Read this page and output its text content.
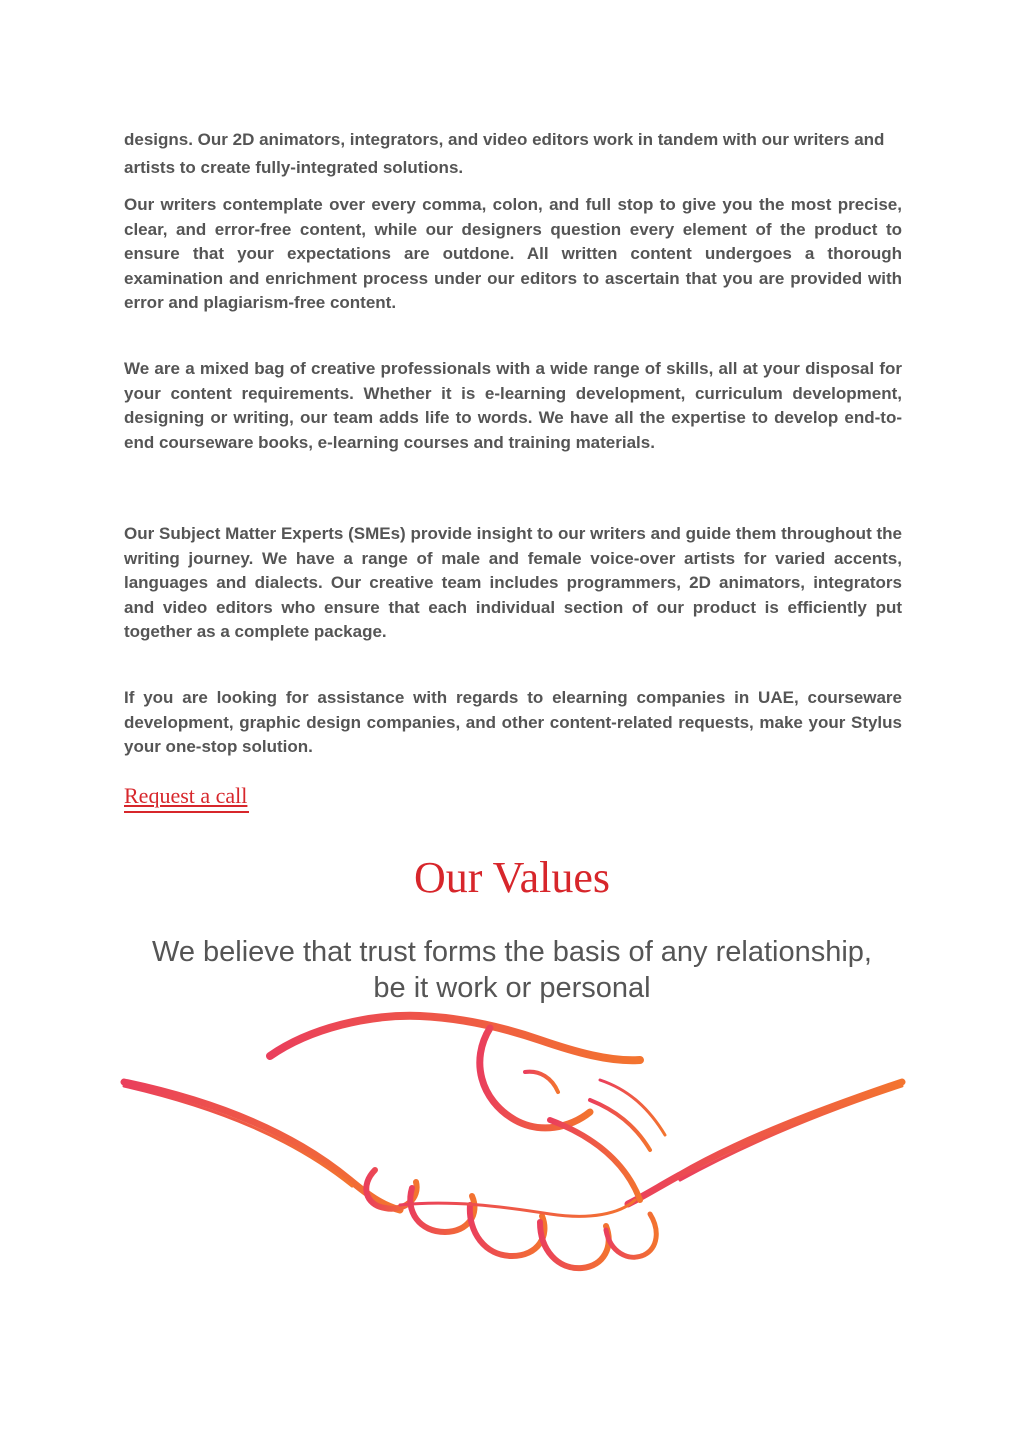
designs. Our 2D animators, integrators, and video editors work in tandem with our writers and artists to create fully-integrated solutions.

Our writers contemplate over every comma, colon, and full stop to give you the most precise, clear, and error-free content, while our designers question every element of the product to ensure that your expectations are outdone. All written content undergoes a thorough examination and enrichment process under our editors to ascertain that you are provided with error and plagiarism-free content.

We are a mixed bag of creative professionals with a wide range of skills, all at your disposal for your content requirements. Whether it is e-learning development, curriculum development, designing or writing, our team adds life to words. We have all the expertise to develop end-to-end courseware books, e-learning courses and training materials.

Our Subject Matter Experts (SMEs) provide insight to our writers and guide them throughout the writing journey. We have a range of male and female voice-over artists for varied accents, languages and dialects. Our creative team includes programmers, 2D animators, integrators and video editors who ensure that each individual section of our product is efficiently put together as a complete package.

If you are looking for assistance with regards to elearning companies in UAE, courseware development, graphic design companies, and other content-related requests, make your Stylus your one-stop solution.

Request a call
Our Values

We believe that trust forms the basis of any relationship,
be it work or personal
